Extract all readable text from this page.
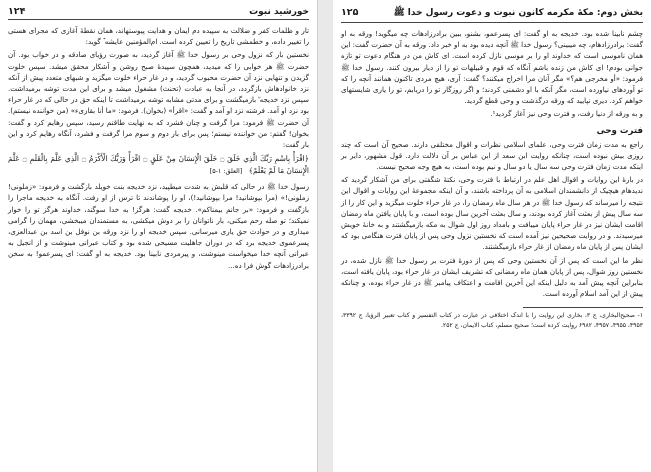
خورشید نبوت
۱۲۴

تار و ظلمات کفر و ضلالت به سپیده دم ایمان و هدایت پیوستهاند، همان نقطهٔ آغازی که مجرای هستی را تغییر داده، و خطمشی تاریخ را تعیین کرده است. ام‌المؤمنین عایشه ؓ گوید:

نخستین بار که نزول وحی بر رسول خدا ﷺ آغاز گردید، به صورت رؤیای صادقه و در خواب بود. آن حضرت ﷺ هر خوابی را که میدید، همچون سپیدهٔ صبح روشن و آشکار محقق میشد. سپس خلوت گزیدن و تنهایی نزد آن حضرت محبوب گردید، و در غار حراء خلوت میگزید و شبهای متعدد پیش از آنکه نزد خانوادهاش بازگردد، در آنجا به عبادت (تحنث) مشغول میشد و برای این مدت توشه برمیداشت. سپس نزد خدیجه ؓ بازمیگشت و برای مدتی مشابه توشه برمیداشت تا اینکه حق در حالی که در غار حراء بود نزد او آمد. فرشته نزد او آمد و گفت: «اقرأ» (بخوان). فرمود: «ما أنا بقاریء» (من خواننده نیستم). آن حضرت ﷺ فرمود: مرا گرفت و چنان فشرد که به نهایت طاقتم رسید، سپس رهایم کرد و گفت: بخوان! گفتم: من خواننده نیستم؛ پس برای بار دوم و سوم مرا گرفت و فشرد، آنگاه رهایم کرد و این بار گفت:

﴿اقْرَأْ بِاسْمِ رَبِّكَ الَّذِي خَلَقَ ۝ خَلَقَ الْإِنسَانَ مِنْ عَلَقٍ ۝ اقْرَأْ وَرَبُّكَ الْأَكْرَمُ ۝ الَّذِي عَلَّمَ بِالْقَلَمِ ۝ عَلَّمَ الْإِنسَانَ مَا لَمْ يَعْلَمْ﴾ [العلق: ۱-۵]

رسول خدا ﷺ در حالی که قلبش به شدت میطپید، نزد خدیجه بنت خویلد بازگشت و فرمود: «زملونی! زملونی!» (مرا بپوشانید! مرا بپوشانید!)، او را پوشاندند تا ترس از او رفت. آنگاه به خدیجه ماجرا را بازگفت و فرمود: «بر جانم بیمناکم». خدیجه گفت: هرگز! به خدا سوگند، خداوند هرگز تو را خوار نمیکند؛ تو صله رحم میکنی، بار ناتوانان را بر دوش میکشی، به مستمندان میبخشی، مهمان را گرامی میداری و در حوادث حق یاری میرسانی. سپس خدیجه او را نزد ورقه بن نوفل بن اسد بن عبدالعزی، پسرعموی خدیجه برد که در دوران جاهلیت مسیحی شده بود و کتاب عبرانی مینوشت و از انجیل به عبرانی آنچه خدا میخواست مینوشت، و پیرمردی نابینا بود. خدیجه به او گفت: ای پسرعمو! به سخن برادرزادهات گوش فرا ده...

بخش دوم: مکهٔ مکرمه کانون نبوت و دعوت رسول خدا ﷺ
۱۲۵

چشم نابینا شده بود. خدیجه به او گفت: ای پسرعمو، بشنو، ببین برادرزادهات چه میگوید! ورقه به او گفت: برادرزادهام، چه میبینی؟ رسول خدا ﷺ آنچه دیده بود به او خبر داد. ورقه به آن حضرت گفت: این همان ناموسی است که خداوند او را بر موسی نازل کرده است. ای کاش من در هنگام دعوت تو تازه جوانی بودم! ای کاش من زنده باشم آنگاه که قوم و قبیلهات تو را از دیار بیرون کنند. رسول خدا ﷺ فرمود: «أو مخرجی هم؟» مگر آنان مرا اخراج میکنند؟ گفت: آری، هیچ مردی تاکنون همانند آنچه را که تو آوردهای نیاورده است، مگر آنکه با او دشمنی کردند؛ و اگر روزگار تو را دریابم، تو را یاری شایستهای خواهم کرد. دیری نپایید که ورقه درگذشت و وحی قطع گردید.

و به ورقه از دنیا رفت، و فترت وحی نیز آغاز گردید¹.

فترت وحی

راجع به مدت زمان فترت وحی، علمای اسلامی نظرات و اقوال مختلفی دارند. صحیح آن است که چند روزی بیش نبوده است، چنانکه روایت ابن سعد از ابن عباس بر آن دلالت دارد. قول مشهور، دایر بر اینکه مدت زمان فترت وحی سه سال یا دو سال و نیم بوده است، به هیچ وجه صحیح نیست.

در بارهٔ این روایات و اقوال اهل علم در ارتباط با فترت وحی، نکتهٔ شگفتی برای من آشکار گردید که ندیدهام هیچیک از دانشمندان اسلامی به آن پرداخته باشند، و آن اینکه مجموعهٔ این روایات و اقوال این نتیجه را میرساند که رسول خدا ﷺ در هر سال ماه رمضان را، در غار حراء خلوت میگزید و این کار را از سه سال پیش از بعثت آغاز کرده بودند، و سال بعثت آخرین سال بوده است، و با پایان یافتن ماه رمضان اقامت ایشان نیز در غار حراء پایان مییافت و بامداد روز اول شوال به مکه بازمیگشتند و به خانهٔ خویش میرسیدند. و در روایت صحیحین نیز آمده است که نخستین نزول وحی پس از پایان فترت هنگامی بود که ایشان پس از پایان ماه رمضان از غار حراء بازمیگشتند.

نظر ما این است که پس از آن نخستین وحی که پس از دورهٔ فترت بر رسول خدا ﷺ نازل شده، در نخستین روز شوال، پس از پایان همان ماه رمضانی که تشریف ایشان در غار حراء بود، پایان یافته است، بنابراین آنچه پیش آمد به دلیل اینکه این آخرین اقامت و اعتکاف پیامبر ﷺ در غار حراء بوده، و چنانکه پیش از این آمد اسلام آورده است.

۱- صحیح‌البخاری، ج ۳، بخاری این روایت را با اندک اختلافی در عبارت در کتاب التفسیر و کتاب تعبیر الرؤیا، ج ۳۳۹۲، ۴۹۵۳، ۴۹۵۵، ۴۹۵۷، ۶۹۸۲ روایت کرده است؛ صحیح مسلم، کتاب الایمان، ج ۲۵۲.
